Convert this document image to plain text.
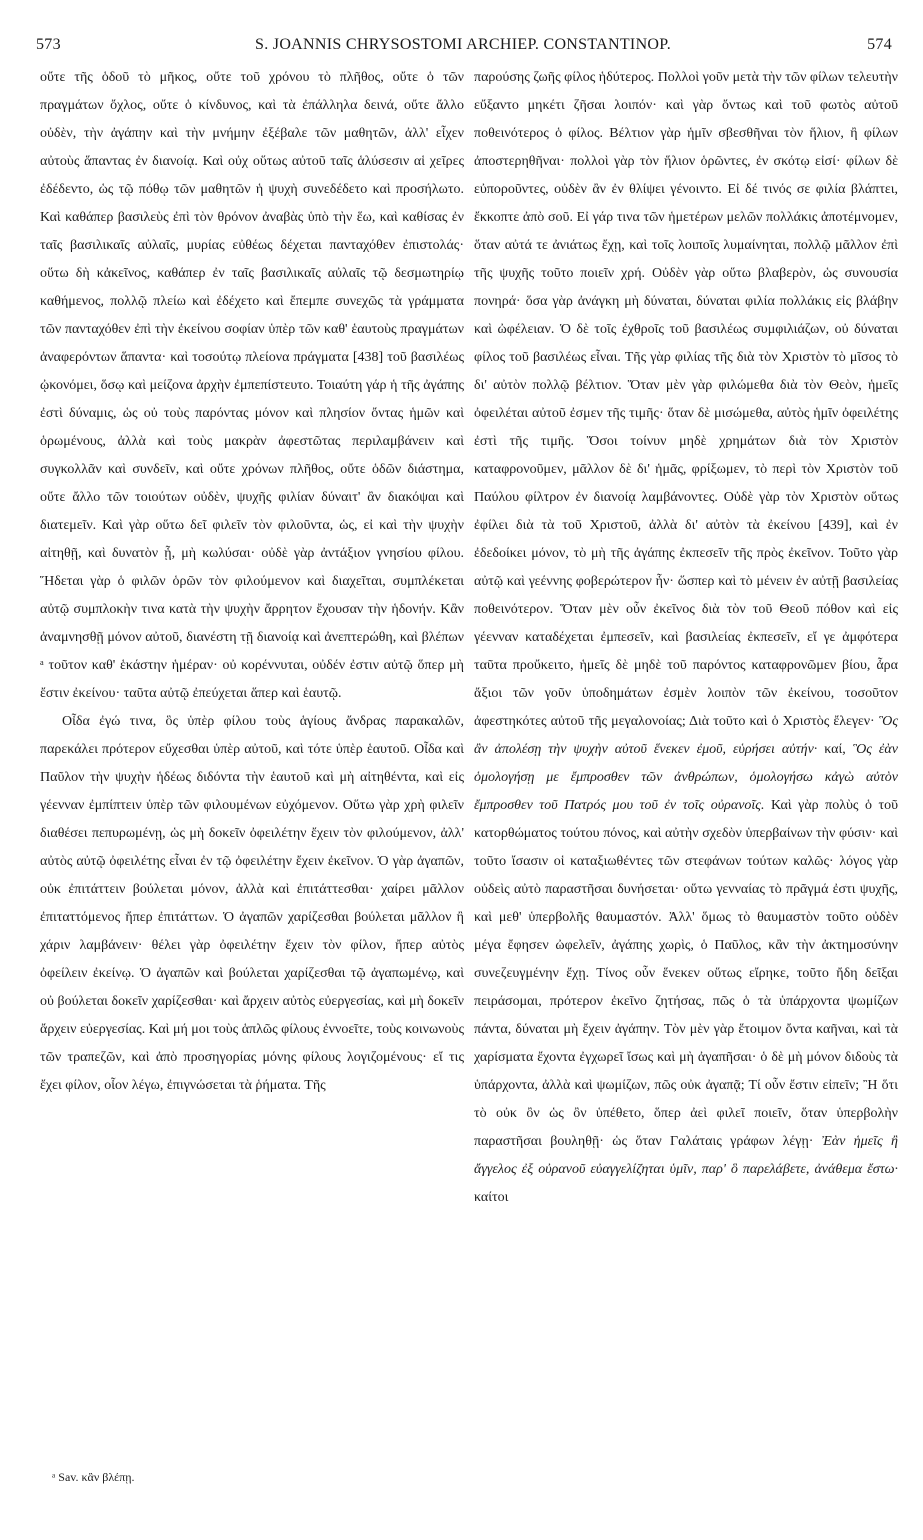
573	S. JOANNIS CHRYSOSTOMI ARCHIEP. CONSTANTINOP.	574

οὔτε τῆς ὁδοῦ τὸ μῆκος, οὔτε τοῦ χρόνου τὸ πλῆθος, οὔτε ὁ τῶν πραγμάτων ὄχλος, οὔτε ὁ κίνδυνος, καὶ τὰ ἐπάλληλα δεινά, οὔτε ἄλλο οὐδὲν, τὴν ἀγάπην καὶ τὴν μνήμην ἐξέβαλε τῶν μαθητῶν, ἀλλ' εἶχεν αὐτοὺς ἅπαντας ἐν διανοίᾳ. Καὶ οὐχ οὕτως αὐτοῦ ταῖς ἁλύσεσιν αἱ χεῖρες ἐδέδεντο, ὡς τῷ πόθῳ τῶν μαθητῶν ἡ ψυχὴ συνεδέδετο καὶ προσήλωτο. Καὶ καθάπερ βασιλεὺς ἐπὶ τὸν θρόνον ἀναβὰς ὑπὸ τὴν ἕω, καὶ καθίσας ἐν ταῖς βασιλικαῖς αὐλαῖς, μυρίας εὐθέως δέχεται πανταχόθεν ἐπιστολάς· οὕτω δὴ κἀκεῖνος, καθάπερ ἐν ταῖς βασιλικαῖς αὐλαῖς τῷ δεσμωτηρίῳ καθήμενος, πολλῷ πλείω καὶ ἐδέχετο καὶ ἔπεμπε συνεχῶς τὰ γράμματα τῶν πανταχόθεν ἐπὶ τὴν ἐκείνου σοφίαν ὑπὲρ τῶν καθ' ἑαυτοὺς πραγμάτων ἀναφερόντων ἅπαντα· καὶ τοσούτῳ πλείονα πράγματα [438] τοῦ βασιλέως ᾠκονόμει, ὅσῳ καὶ μείζονα ἀρχὴν ἐμπεπίστευτο. Τοιαύτη γάρ ἡ τῆς ἀγάπης ἐστὶ δύναμις, ὡς οὐ τοὺς παρόντας μόνον καὶ πλησίον ὄντας ἡμῶν καὶ ὁρωμένους, ἀλλὰ καὶ τοὺς μακρὰν ἀφεστῶτας περιλαμβάνειν καὶ συγκολλᾶν καὶ συνδεῖν, καὶ οὔτε χρόνων πλῆθος, οὔτε ὁδῶν διάστημα, οὔτε ἄλλο τῶν τοιούτων οὐδὲν, ψυχῆς φιλίαν δύναιτ' ἂν διακόψαι καὶ διατεμεῖν. Καὶ γὰρ οὕτω δεῖ φιλεῖν τὸν φιλοῦντα, ὡς, εἰ καὶ τὴν ψυχὴν αἰτηθῇ, καὶ δυνατὸν ᾖ, μὴ κωλύσαι· οὐδὲ γὰρ ἀντάξιον γνησίου φίλου. Ἥδεται γὰρ ὁ φιλῶν ὁρῶν τὸν φιλούμενον καὶ διαχεῖται, συμπλέκεται αὐτῷ συμπλοκὴν τινα κατὰ τὴν ψυχὴν ἄρρητον ἔχουσαν τὴν ἡδονήν. Κἂν ἀναμνησθῇ μόνον αὐτοῦ, διανέστη τῇ διανοίᾳ καὶ ἀνεπτερώθη, καὶ βλέπων ᵃ τοῦτον καθ' ἑκάστην ἡμέραν· οὐ κορέννυται, οὐδέν ἐστιν αὐτῷ ὅπερ μὴ ἔστιν ἐκείνου· ταῦτα αὐτῷ ἐπεύχεται ἅπερ καὶ ἑαυτῷ.

Οἶδα ἐγώ τινα, ὃς ὑπὲρ φίλου τοὺς ἁγίους ἄνδρας παρακαλῶν, παρεκάλει πρότερον εὔχεσθαι ὑπὲρ αὐτοῦ, καὶ τότε ὑπὲρ ἑαυτοῦ. Οἶδα καὶ Παῦλον τὴν ψυχὴν ἡδέως διδόντα τὴν ἑαυτοῦ καὶ μὴ αἰτηθέντα, καὶ εἰς γέενναν ἐμπίπτειν ὑπὲρ τῶν φιλουμένων εὐχόμενον. Οὕτω γὰρ χρὴ φιλεῖν διαθέσει πεπυρωμένῃ, ὡς μὴ δοκεῖν ὀφειλέτην ἔχειν τὸν φιλούμενον, ἀλλ' αὐτὸς αὐτῷ ὀφειλέτης εἶναι ἐν τῷ ὀφειλέτην ἔχειν ἐκεῖνον. Ὁ γὰρ ἀγαπῶν, οὐκ ἐπιτάττειν βούλεται μόνον, ἀλλὰ καὶ ἐπιτάττεσθαι· χαίρει μᾶλλον ἐπιταττόμενος ἤπερ ἐπιτάττων. Ὁ ἀγαπῶν χαρίζεσθαι βούλεται μᾶλλον ἢ χάριν λαμβάνειν· θέλει γὰρ ὀφειλέτην ἔχειν τὸν φίλον, ἤπερ αὐτὸς ὀφείλειν ἐκείνῳ. Ὁ ἀγαπῶν καὶ βούλεται χαρίζεσθαι τῷ ἀγαπωμένῳ, καὶ οὐ βούλεται δοκεῖν χαρίζεσθαι· καὶ ἄρχειν αὐτὸς εὐεργεσίας, καὶ μὴ δοκεῖν ἄρχειν εὐεργεσίας. Καὶ μή μοι τοὺς ἁπλῶς φίλους ἐννοεῖτε, τοὺς κοινωνοὺς τῶν τραπεζῶν, καὶ ἀπὸ προσηγορίας μόνης φίλους λογιζομένους· εἴ τις ἔχει φίλον, οἷον λέγω, ἐπιγνώσεται τὰ ῥήματα. Τῆς

παρούσης ζωῆς φίλος ἡδύτερος. Πολλοὶ γοῦν μετὰ τὴν τῶν φίλων τελευτὴν εὔξαντο μηκέτι ζῆσαι λοιπόν· καὶ γὰρ ὄντως καὶ τοῦ φωτὸς αὐτοῦ ποθεινότερος ὁ φίλος. Βέλτιον γὰρ ἡμῖν σβεσθῆναι τὸν ἥλιον, ἢ φίλων ἀποστερηθῆναι· πολλοὶ γὰρ τὸν ἥλιον ὁρῶντες, ἐν σκότῳ εἰσί· φίλων δὲ εὐποροῦντες, οὐδὲν ἂν ἐν θλίψει γένοιντο. Εἰ δέ τινός σε φιλία βλάπτει, ἔκκοπτε ἀπὸ σοῦ. Εἰ γάρ τινα τῶν ἡμετέρων μελῶν πολλάκις ἀποτέμνομεν, ὅταν αὐτά τε ἀνιάτως ἔχῃ, καὶ τοῖς λοιποῖς λυμαίνηται, πολλῷ μᾶλλον ἐπὶ τῆς ψυχῆς τοῦτο ποιεῖν χρή. Οὐδὲν γὰρ οὕτω βλαβερὸν, ὡς συνουσία πονηρά· ὅσα γὰρ ἀνάγκη μὴ δύναται, δύναται φιλία πολλάκις εἰς βλάβην καὶ ὠφέλειαν. Ὁ δὲ τοῖς ἐχθροῖς τοῦ βασιλέως συμφιλιάζων, οὐ δύναται φίλος τοῦ βασιλέως εἶναι. Τῆς γὰρ φιλίας τῆς διὰ τὸν Χριστὸν τὸ μῖσος τὸ δι' αὐτὸν πολλῷ βέλτιον. Ὅταν μὲν γὰρ φιλώμεθα διὰ τὸν Θεὸν, ἡμεῖς ὀφειλέται αὐτοῦ ἐσμεν τῆς τιμῆς· ὅταν δὲ μισώμεθα, αὐτὸς ἡμῖν ὀφειλέτης ἐστὶ τῆς τιμῆς. Ὅσοι τοίνυν μηδὲ χρημάτων διὰ τὸν Χριστὸν καταφρονοῦμεν, μᾶλλον δὲ δι' ἡμᾶς, φρίξωμεν, τὸ περὶ τὸν Χριστὸν τοῦ Παύλου φίλτρον ἐν διανοίᾳ λαμβάνοντες. Οὐδὲ γὰρ τὸν Χριστὸν οὕτως ἐφίλει διὰ τὰ τοῦ Χριστοῦ, ἀλλὰ δι' αὐτὸν τὰ ἐκείνου [439], καὶ ἐν ἐδεδοίκει μόνον, τὸ μὴ τῆς ἀγάπης ἐκπεσεῖν τῆς πρὸς ἐκεῖνον. Τοῦτο γὰρ αὐτῷ καὶ γεέννης φοβερώτερον ἦν· ὥσπερ καὶ τὸ μένειν ἐν αὐτῇ βασιλείας ποθεινότερον. Ὅταν μὲν οὖν ἐκεῖνος διὰ τὸν τοῦ Θεοῦ πόθον καὶ εἰς γέενναν καταδέχεται ἐμπεσεῖν, καὶ βασιλείας ἐκπεσεῖν, εἴ γε ἀμφότερα ταῦτα προὔκειτο, ἡμεῖς δὲ μηδὲ τοῦ παρόντος καταφρονῶμεν βίου, ἆρα ἄξιοι τῶν γοῦν ὑποδημάτων ἐσμὲν λοιπὸν τῶν ἐκείνου, τοσοῦτον ἀφεστηκότες αὐτοῦ τῆς μεγαλονοίας; Διὰ τοῦτο καὶ ὁ Χριστὸς ἔλεγεν· Ὃς ἂν ἀπολέσῃ τὴν ψυχὴν αὐτοῦ ἕνεκεν ἐμοῦ, εὑρήσει αὐτήν· καί, Ὃς ἐὰν ὁμολογήσῃ με ἔμπροσθεν τῶν ἀνθρώπων, ὁμολογήσω κἀγὼ αὐτὸν ἔμπροσθεν τοῦ Πατρός μου τοῦ ἐν τοῖς οὐρανοῖς. Καὶ γὰρ πολὺς ὁ τοῦ κατορθώματος τούτου πόνος, καὶ αὐτὴν σχεδὸν ὑπερβαίνων τὴν φύσιν· καὶ τοῦτο ἴσασιν οἱ καταξιωθέντες τῶν στεφάνων τούτων καλῶς· λόγος γὰρ οὐδεὶς αὐτὸ παραστῆσαι δυνήσεται· οὕτω γενναίας τὸ πρᾶγμά ἐστι ψυχῆς, καὶ μεθ' ὑπερβολῆς θαυμαστόν. Ἀλλ' ὅμως τὸ θαυμαστὸν τοῦτο οὐδὲν μέγα ἔφησεν ὠφελεῖν, ἀγάπης χωρὶς, ὁ Παῦλος, κἂν τὴν ἀκτημοσύνην συνεζευγμένην ἔχῃ. Τίνος οὖν ἕνεκεν οὕτως εἴρηκε, τοῦτο ἤδη δεῖξαι πειράσομαι, πρότερον ἐκεῖνο ζητήσας, πῶς ὁ τὰ ὑπάρχοντα ψωμίζων πάντα, δύναται μὴ ἔχειν ἀγάπην. Τὸν μὲν γὰρ ἕτοιμον ὄντα καῆναι, καὶ τὰ χαρίσματα ἔχοντα ἐγχωρεῖ ἴσως καὶ μὴ ἀγαπῆσαι· ὁ δὲ μὴ μόνον διδοὺς τὰ ὑπάρχοντα, ἀλλὰ καὶ ψωμίζων, πῶς οὐκ ἀγαπᾷ; Τί οὖν ἔστιν εἰπεῖν; Ἢ ὅτι τὸ οὐκ ὂν ὡς ὂν ὑπέθετο, ὅπερ ἀεὶ φιλεῖ ποιεῖν, ὅταν ὑπερβολὴν παραστῆσαι βουληθῇ· ὡς ὅταν Γαλάταις γράφων λέγῃ· Ἐὰν ἡμεῖς ἢ ἄγγελος ἐξ οὐρανοῦ εὐαγγελίζηται ὑμῖν, παρ' ὃ παρελάβετε, ἀνάθεμα ἔστω· καίτοι

ᵃ Sav. κἂν βλέπῃ.
